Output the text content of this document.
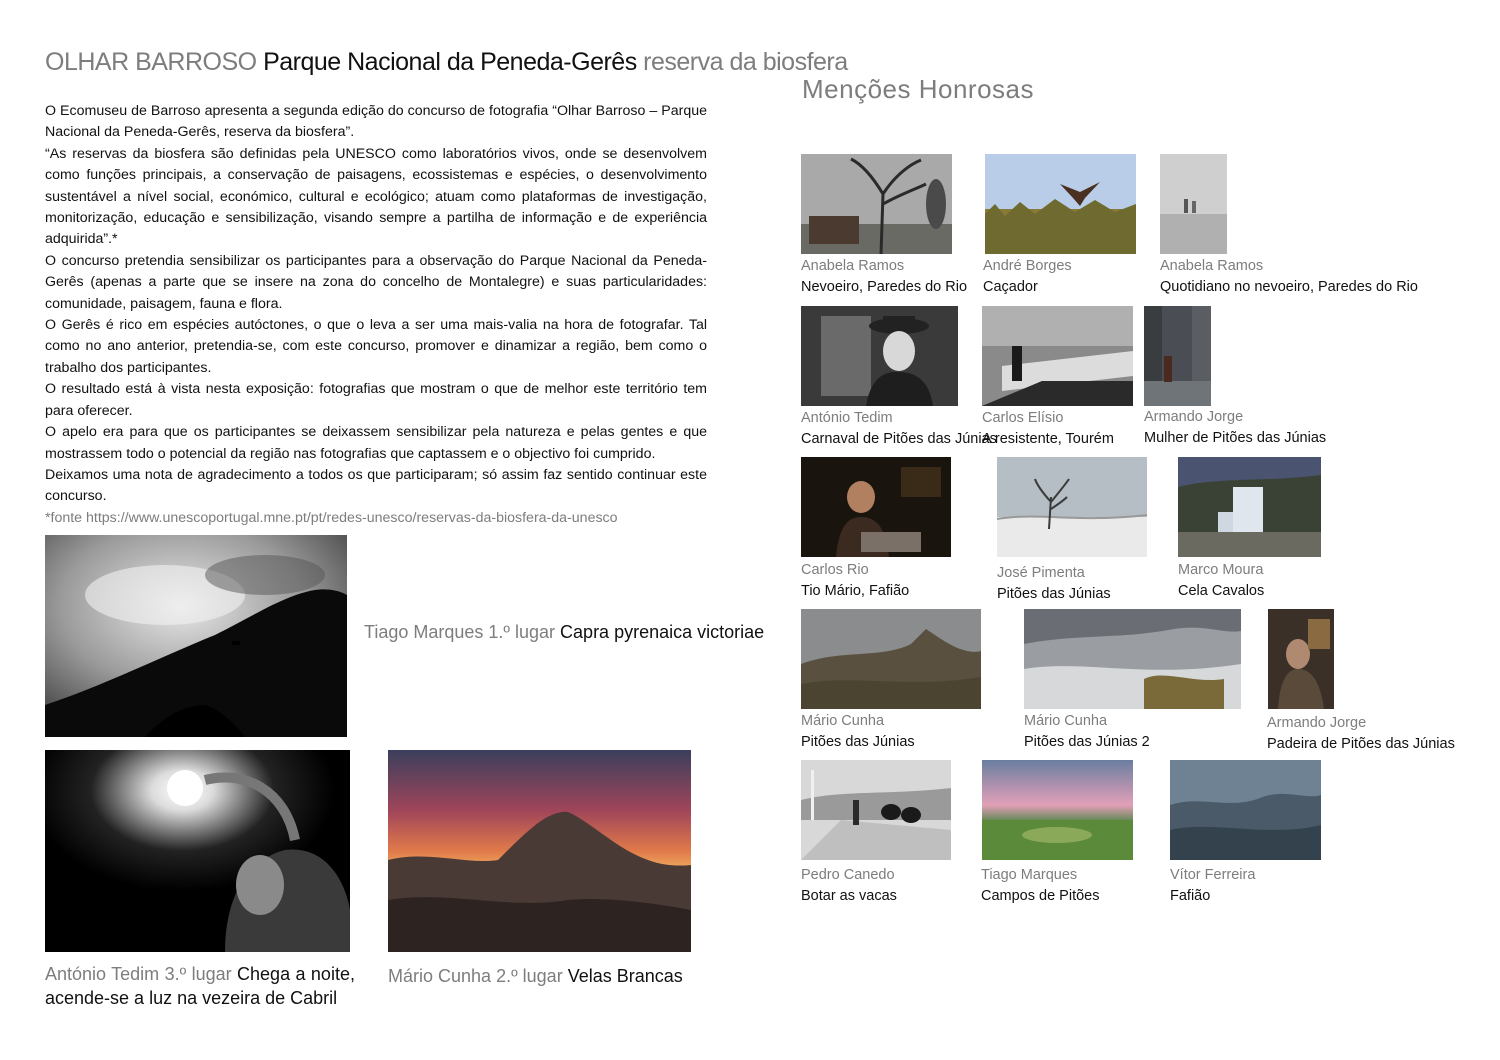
OLHAR BARROSO Parque Nacional da Peneda-Gerês reserva da biosfera

O Ecomuseu de Barroso apresenta a segunda edição do concurso de fotografia “Olhar Barroso – Parque Nacional da Peneda-Gerês, reserva da biosfera”.

“As reservas da biosfera são definidas pela UNESCO como laboratórios vivos, onde se desenvolvem como funções principais, a conservação de paisagens, ecossistemas e espécies, o desenvolvimento sustentável a nível social, económico, cultural e ecológico; atuam como plataformas de investigação, monitorização, educação e sensibilização, visando sempre a partilha de informação e de experiência adquirida”.*

O concurso pretendia sensibilizar os participantes para a observação do Parque Nacional da Peneda-Gerês (apenas a parte que se insere na zona do concelho de Montalegre) e suas particularidades: comunidade, paisagem, fauna e flora.

O Gerês é rico em espécies autóctones, o que o leva a ser uma mais-valia na hora de fotografar. Tal como no ano anterior, pretendia-se, com este concurso, promover e dinamizar a região, bem como o trabalho dos participantes.

O resultado está à vista nesta exposição: fotografias que mostram o que de melhor este território tem para oferecer.

O apelo era para que os participantes se deixassem sensibilizar pela natureza e pelas gentes e que mostrassem todo o potencial da região nas fotografias que captassem e o objectivo foi cumprido.

Deixamos uma nota de agradecimento a todos os que participaram; só assim faz sentido continuar este concurso.

*fonte https://www.unescoportugal.mne.pt/pt/redes-unesco/reservas-da-biosfera-da-unesco

Tiago Marques 1.º lugar Capra pyrenaica victoriae
António Tedim 3.º lugar Chega a noite,
acende-se a luz na vezeira de Cabril
Mário Cunha 2.º lugar Velas Brancas
Menções Honrosas
Anabela Ramos
Nevoeiro, Paredes do Rio
André Borges
Caçador
Anabela Ramos
Quotidiano no nevoeiro, Paredes do Rio
António Tedim
Carnaval de Pitões das Júnias
Carlos Elísio
A resistente, Tourém
Armando Jorge
Mulher de Pitões das Júnias
Carlos Rio
Tio Mário, Fafião
José Pimenta
Pitões das Júnias
Marco Moura
Cela Cavalos
Mário Cunha
Pitões das Júnias
Mário Cunha
Pitões das Júnias 2
Armando Jorge
Padeira de Pitões das Júnias
Pedro Canedo
Botar as vacas
Tiago Marques
Campos de Pitões
Vítor Ferreira
Fafião
